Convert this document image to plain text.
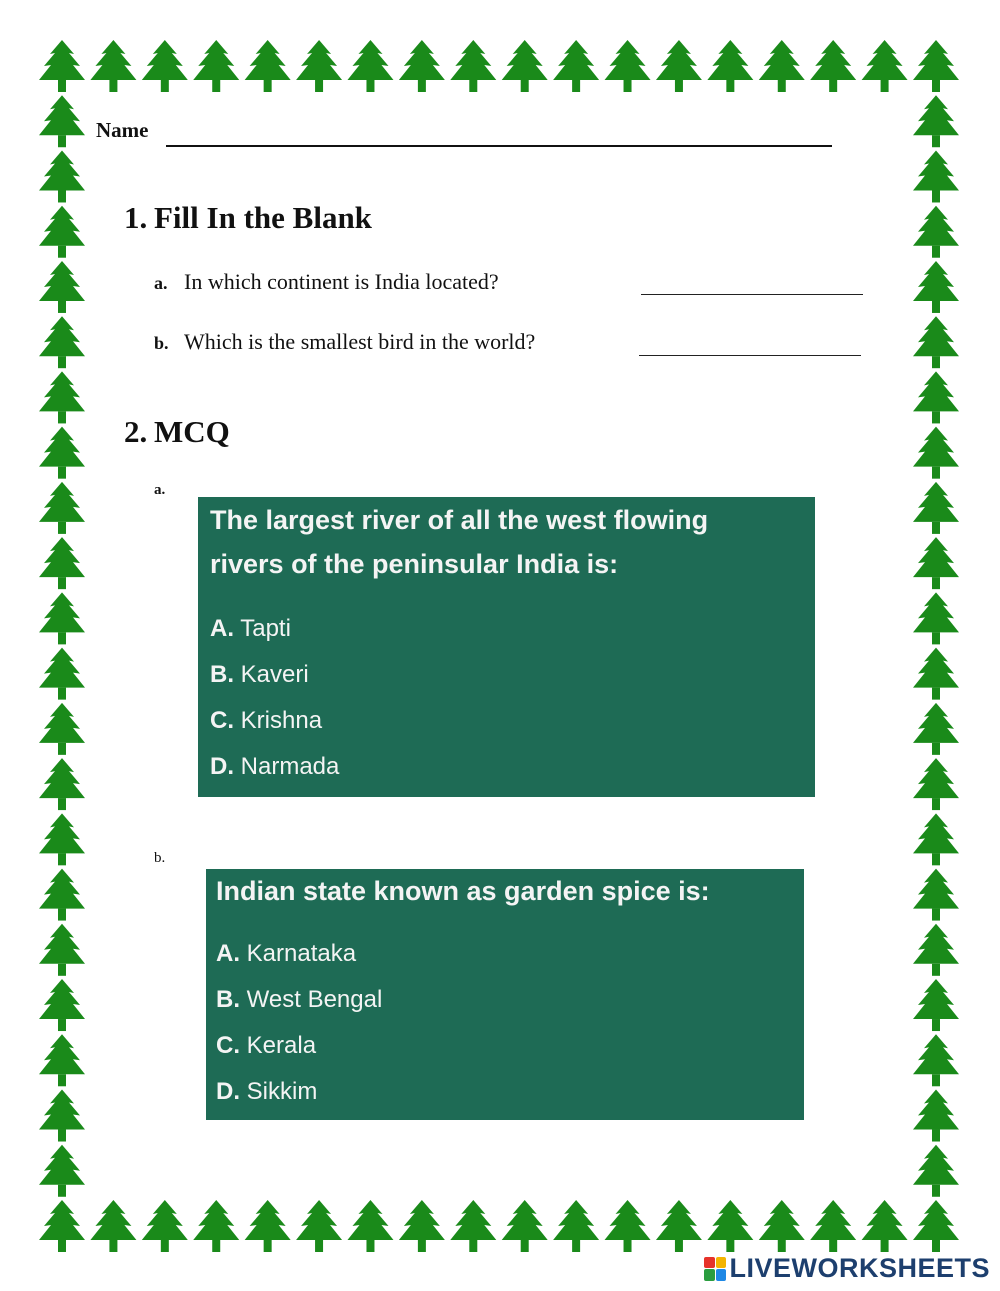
Name
1. Fill In the Blank
a. In which continent is India located?
b. Which is the smallest bird in the world?
2. MCQ
a.
The largest river of all the west flowing
rivers of the peninsular India is:
A. Tapti
B. Kaveri
C. Krishna
D. Narmada
b.
Indian state known as garden spice is:
A. Karnataka
B. West Bengal
C. Kerala
D. Sikkim
LIVEWORKSHEETS
